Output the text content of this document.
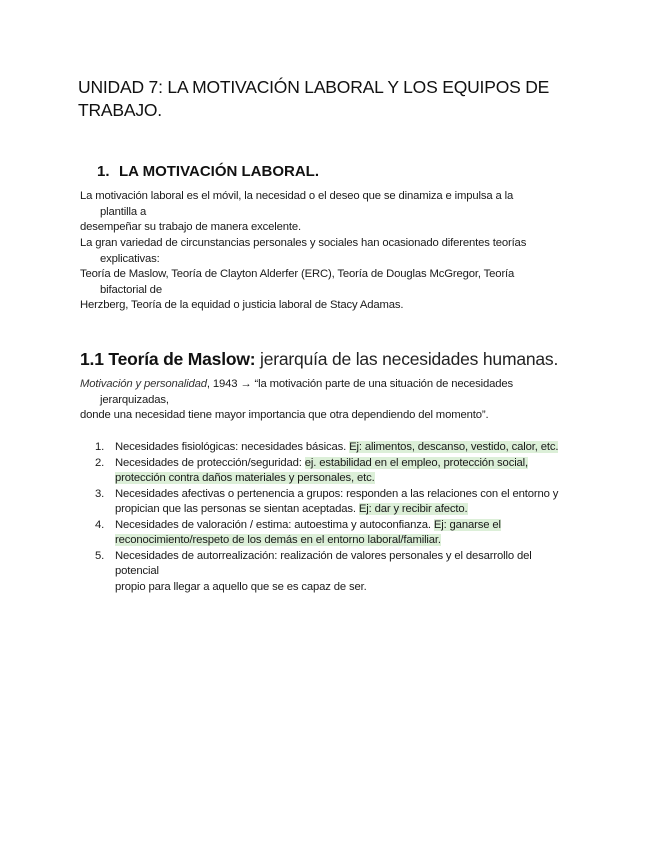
UNIDAD 7: LA MOTIVACIÓN LABORAL Y LOS EQUIPOS DE
TRABAJO.
1. LA MOTIVACIÓN LABORAL.

La motivación laboral es el móvil, la necesidad o el deseo que se dinamiza e impulsa a la
plantilla a
desempeñar su trabajo de manera excelente.

La gran variedad de circunstancias personales y sociales han ocasionado diferentes teorías
explicativas:

Teoría de Maslow, Teoría de Clayton Alderfer (ERC), Teoría de Douglas McGregor, Teoría
bifactorial de
Herzberg, Teoría de la equidad o justicia laboral de Stacy Adamas.

1.1 Teoría de Maslow: jerarquía de las necesidades humanas.

Motivación y personalidad, 1943 → “la motivación parte de una situación de necesidades
jerarquizadas,
donde una necesidad tiene mayor importancia que otra dependiendo del momento”.

1. Necesidades fisiológicas: necesidades básicas. Ej: alimentos, descanso, vestido, calor, etc.
2. Necesidades de protección/seguridad: ej. estabilidad en el empleo, protección social, protección contra daños materiales y personales, etc.
3. Necesidades afectivas o pertenencia a grupos: responden a las relaciones con el entorno y propician que las personas se sientan aceptadas. Ej: dar y recibir afecto.
4. Necesidades de valoración / estima: autoestima y autoconfianza. Ej: ganarse el reconocimiento/respeto de los demás en el entorno laboral/familiar.
5. Necesidades de autorrealización: realización de valores personales y el desarrollo del
potencial
propio para llegar a aquello que se es capaz de ser.
